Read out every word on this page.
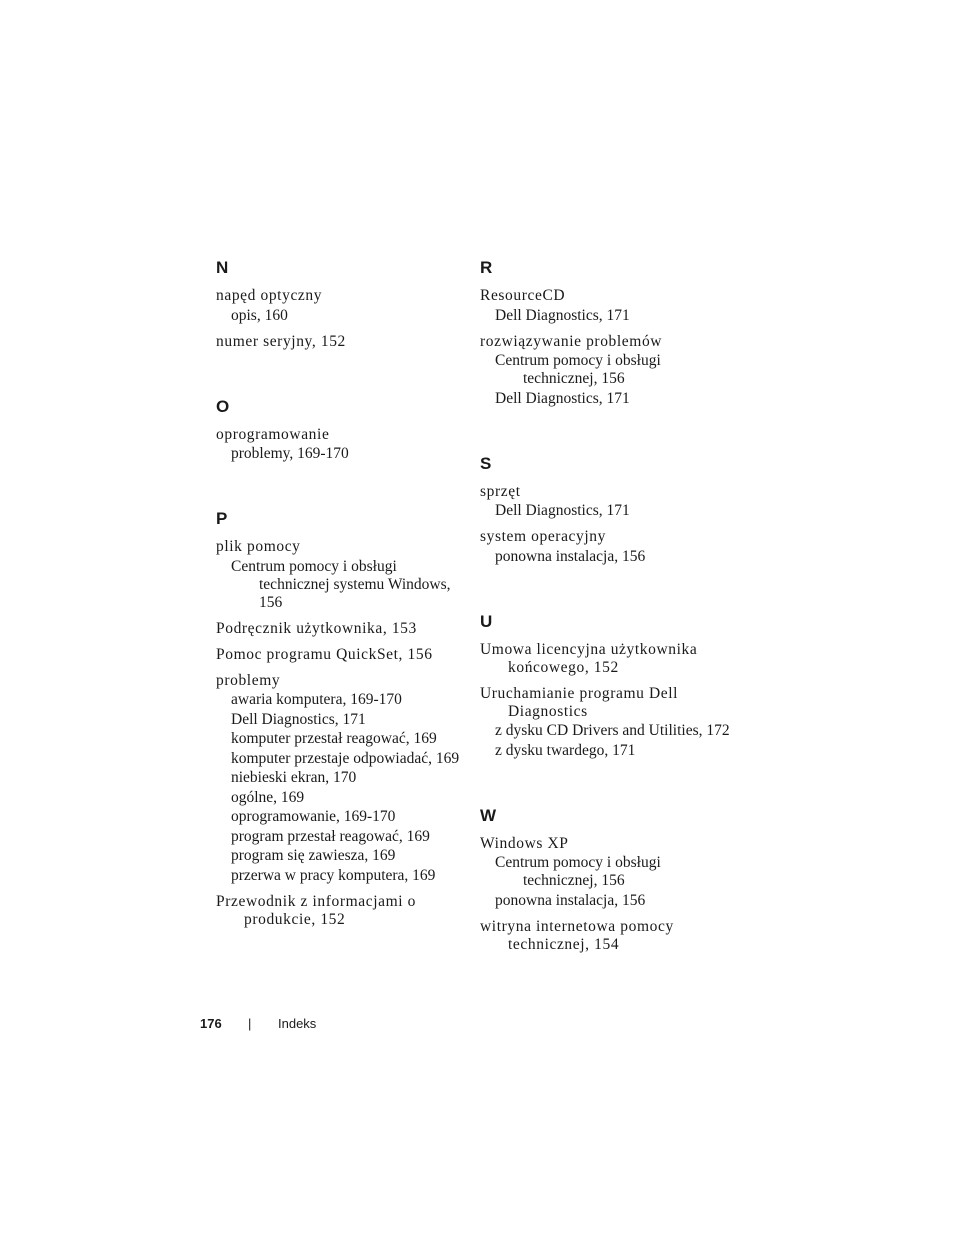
N
napęd optyczny
opis, 160
numer seryjny, 152
O
oprogramowanie
problemy, 169-170
P
plik pomocy
Centrum pomocy i obsługi technicznej systemu Windows, 156
Podręcznik użytkownika, 153
Pomoc programu QuickSet, 156
problemy
awaria komputera, 169-170
Dell Diagnostics, 171
komputer przestał reagować, 169
komputer przestaje odpowiadać, 169
niebieski ekran, 170
ogólne, 169
oprogramowanie, 169-170
program przestał reagować, 169
program się zawiesza, 169
przerwa w pracy komputera, 169
Przewodnik z informacjami o produkcie, 152
R
ResourceCD
Dell Diagnostics, 171
rozwiązywanie problemów
Centrum pomocy i obsługi technicznej, 156
Dell Diagnostics, 171
S
sprzęt
Dell Diagnostics, 171
system operacyjny
ponowna instalacja, 156
U
Umowa licencyjna użytkownika końcowego, 152
Uruchamianie programu Dell Diagnostics
z dysku CD Drivers and Utilities, 172
z dysku twardego, 171
W
Windows XP
Centrum pomocy i obsługi technicznej, 156
ponowna instalacja, 156
witryna internetowa pomocy technicznej, 154
176	|	Indeks
